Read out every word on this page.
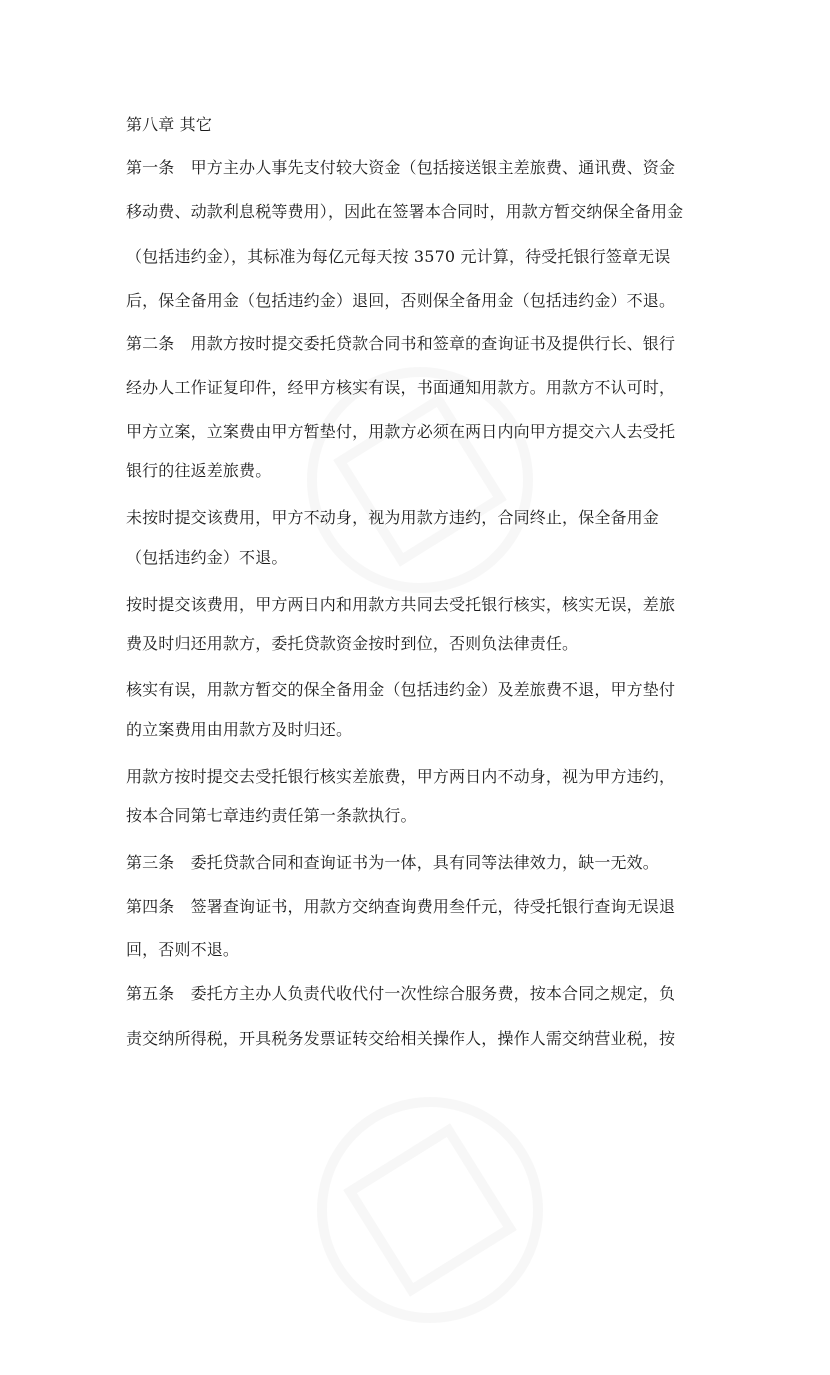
第八章 其它

第一条　甲方主办人事先支付较大资金（包括接送银主差旅费、通讯费、资金

移动费、动款利息税等费用），因此在签署本合同时，用款方暂交纳保全备用金

（包括违约金），其标准为每亿元每天按 3570 元计算，待受托银行签章无误

后，保全备用金（包括违约金）退回，否则保全备用金（包括违约金）不退。

第二条　用款方按时提交委托贷款合同书和签章的查询证书及提供行长、银行

经办人工作证复印件，经甲方核实有误，书面通知用款方。用款方不认可时，

甲方立案，立案费由甲方暂垫付，用款方必须在两日内向甲方提交六人去受托

银行的往返差旅费。

未按时提交该费用，甲方不动身，视为用款方违约，合同终止，保全备用金

（包括违约金）不退。

按时提交该费用，甲方两日内和用款方共同去受托银行核实，核实无误，差旅

费及时归还用款方，委托贷款资金按时到位，否则负法律责任。

核实有误，用款方暂交的保全备用金（包括违约金）及差旅费不退，甲方垫付

的立案费用由用款方及时归还。

用款方按时提交去受托银行核实差旅费，甲方两日内不动身，视为甲方违约，

按本合同第七章违约责任第一条款执行。

第三条　委托贷款合同和查询证书为一体，具有同等法律效力，缺一无效。

第四条　签署查询证书，用款方交纳查询费用叁仟元，待受托银行查询无误退

回，否则不退。

第五条　委托方主办人负责代收代付一次性综合服务费，按本合同之规定，负

责交纳所得税，开具税务发票证转交给相关操作人，操作人需交纳营业税，按
